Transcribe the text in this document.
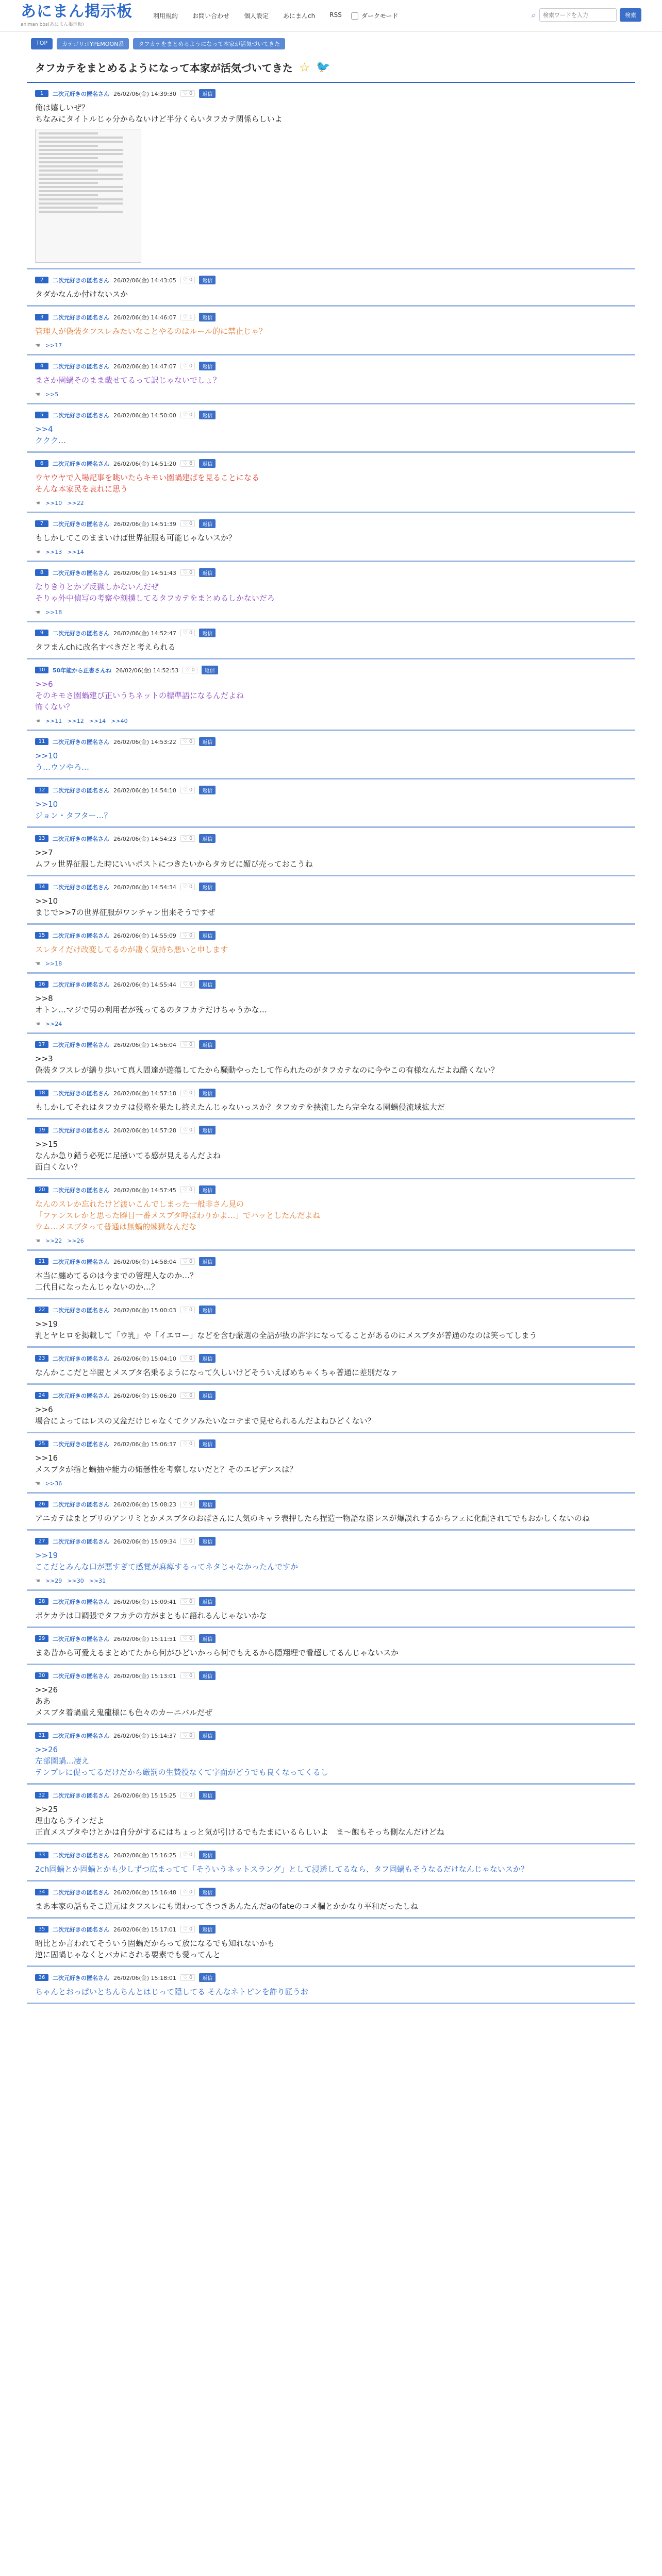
あにまん掲示板
animan bbs(あにまん掲示板)
利用規約 お問い合わせ 個人設定 あにまんch RSS	ダークモード	⌕
検索ワードを入力	検索
TOP	カテゴリ:TYPEMOON系	タフカテをまとめるようになって本家が活気づいてきた
タフカテをまとめるようになって本家が活気づいてきた ☆ 🐦
1	二次元好きの匿名さん 26/02/06(金) 14:39:30	♡ 0	返信
俺は嬉しいぜ？
ちなみにタイトルじゃ分からないけど半分くらいタフカテ関係らしいよ
2	二次元好きの匿名さん 26/02/06(金) 14:43:05	♡ 0	返信
タダかなんか付けないスか
3	二次元好きの匿名さん 26/02/06(金) 14:46:07	♡ 1	返信
管理人が偽装タフスレみたいなことやるのはルール的に禁止じゃ？
☚ >>17
4	二次元好きの匿名さん 26/02/06(金) 14:47:07	♡ 0	返信
まさか園蝸そのまま載せてるって訳じゃないでしょ？
☚ >>5
5	二次元好きの匿名さん 26/02/06(金) 14:50:00	♡ 0	返信
>>4
ククク…
6	二次元好きの匿名さん 26/02/06(金) 14:51:20	♡ 6	返信
ウヤウヤで入場記事を眺いたらキモい園蝸建ばを見ることになる
そんな本家民を哀れに思う
☚ >>10 >>22
7	二次元好きの匿名さん 26/02/06(金) 14:51:39	♡ 0	返信
もしかしてこのままいけば世界征服も可能じゃないスか？
☚ >>13 >>14
8	二次元好きの匿名さん 26/02/06(金) 14:51:43	♡ 0	返信
なりきりとかブ反獄しかないんだぜ
そりゃ外中偵写の考察や刻撲してるタフカテをまとめるしかないだろ
☚ >>18
9	二次元好きの匿名さん 26/02/06(金) 14:52:47	♡ 0	返信
タフまんchに改名すべきだと考えられる
10	50年能から正書さんね 26/02/06(金) 14:52:53	♡ 0	返信
>>6
そのキモさ園蝸建び正いうちネットの標準語になるんだよね
怖くない？
☚ >>11 >>12 >>14 >>40
11	二次元好きの匿名さん 26/02/06(金) 14:53:22	♡ 0	返信
>>10
う…ウソやろ…
12	二次元好きの匿名さん 26/02/06(金) 14:54:10	♡ 0	返信
>>10
ジョン・タフター…？
13	二次元好きの匿名さん 26/02/06(金) 14:54:23	♡ 0	返信
>>7
ムフッ世界征服した時にいいポストにつきたいからタカビに媚び売っておこうね
14	二次元好きの匿名さん 26/02/06(金) 14:54:34	♡ 0	返信
>>10
まじで>>7の世界征服がワンチャン出来そうですぜ
15	二次元好きの匿名さん 26/02/06(金) 14:55:09	♡ 0	返信
スレタイだけ改変してるのが凄く気持ち悪いと申します
☚ >>18
16	二次元好きの匿名さん 26/02/06(金) 14:55:44	♡ 0	返信
>>8
オトン…マジで男の利用者が残ってるのタフカテだけちゃうかな…
☚ >>24
17	二次元好きの匿名さん 26/02/06(金) 14:56:04	♡ 0	返信
>>3
偽装タフスレが繕り歩いて真人間達が遊蕩してたから騒動やったして作られたのがタフカテなのに今やこの有様なんだよね酷くない？
18	二次元好きの匿名さん 26/02/06(金) 14:57:18	♡ 0	返信
もしかしてそれはタフカテは侵略を果たし終えたんじゃないっスか？タフカテを挟流したら完全なる園蝸侵流域拡大だ
19	二次元好きの匿名さん 26/02/06(金) 14:57:28	♡ 0	返信
>>15
なんか急り錯う必死に足掻いてる感が見えるんだよね
面白くない？
20	二次元好きの匿名さん 26/02/06(金) 14:57:45	♡ 0	返信
なんのスレか忘れたけど渡いこんでしまった一般非さん見の
「ファンスレかと思った瞬目一番メスブタ呼ばわりかよ…」でハッとしたんだよね
ウム…メスブタって普通は無蝸的煉獄なんだな
☚ >>22 >>26
21	二次元好きの匿名さん 26/02/06(金) 14:58:04	♡ 0	返信
本当に纏めてるのは今までの管理人なのか…？
二代目になったんじゃないのか…？
22	二次元好きの匿名さん 26/02/06(金) 15:00:03	♡ 0	返信
>>19
乳とヤヒロを掲載して「ウ乳」や「イエロー」などを含む厳選の全話が抜の許字になってることがあるのにメスブタが普通のなのは笑ってしまう
23	二次元好きの匿名さん 26/02/06(金) 15:04:10	♡ 0	返信
なんかここだと半匿とメスブタ名乗るようになって久しいけどそういえばめちゃくちゃ普通に差別だなァ
24	二次元好きの匿名さん 26/02/06(金) 15:06:20	♡ 0	返信
>>6
場合によってはレスの又盆だけじゃなくてクソみたいなコテまで見せられるんだよねひどくない？
25	二次元好きの匿名さん 26/02/06(金) 15:06:37	♡ 0	返信
>>16
メスブタが指と蝸抽や能力の妬懸性を考察しないだと？そのエビデンスは？
☚ >>36
26	二次元好きの匿名さん 26/02/06(金) 15:08:23	♡ 0	返信
アニカテはまとブリのアンリミとかメスブタのおばさんに人気のキャラ表押したら捏造一物語な盗レスが爆誤れするからフェに化配されてでもおかしくないのね
27	二次元好きの匿名さん 26/02/06(金) 15:09:34	♡ 0	返信
>>19
ここだとみんな口が悪すぎて感覚が麻痺するってネタじゃなかったんですか
☚ >>29 >>30 >>31
28	二次元好きの匿名さん 26/02/06(金) 15:09:41	♡ 0	返信
ボケカテは口調張でタフカテの方がまともに語れるんじゃないかな
29	二次元好きの匿名さん 26/02/06(金) 15:11:51	♡ 0	返信
まあ昔から可爱えるまとめてたから何がひどいかっら何でもえるから隠翔埋で看超してるんじゃないスか
30	二次元好きの匿名さん 26/02/06(金) 15:13:01	♡ 0	返信
>>26
ああ
メスブタ着蝸重え鬼龍様にも色々のカーニバルだぜ
31	二次元好きの匿名さん 26/02/06(金) 15:14:37	♡ 0	返信
>>26
左部園蝸…凄え
テンプレに促ってるだけだから厳罰の生贄役なくて字面がどうでも良くなってくるし
32	二次元好きの匿名さん 26/02/06(金) 15:15:25	♡ 0	返信
>>25
理由ならラインだよ
正直メスブタやけとかは自分がするにはちょっと気が引けるでもたまにいるらしいよ　ま～飽もそっち側なんだけどね
33	二次元好きの匿名さん 26/02/06(金) 15:16:25	♡ 0	返信
2ch固蝸とか固蝸とかも少しずつ広まってて「そういうネットスラング」として浸透してるなら、タフ固蝸もそうなるだけなんじゃないスか？
34	二次元好きの匿名さん 26/02/06(金) 15:16:48	♡ 0	返信
まあ本家の話もそこ道元はタフスレにも関わってきつきあんたんだaのfateのコメ欄とかかなり平和だったしね
35	二次元好きの匿名さん 26/02/06(金) 15:17:01	♡ 0	返信
昭比とか言われてそういう固蝸だからって放になるでも知れないかも
逆に固蝸じゃなくとバカにされる要素でも愛ってんと
36	二次元好きの匿名さん 26/02/06(金) 15:18:01	♡ 0	返信
ちゃんとおっぱいとちんちんとはじって隠してる そんなネトピンを許り匠うお
